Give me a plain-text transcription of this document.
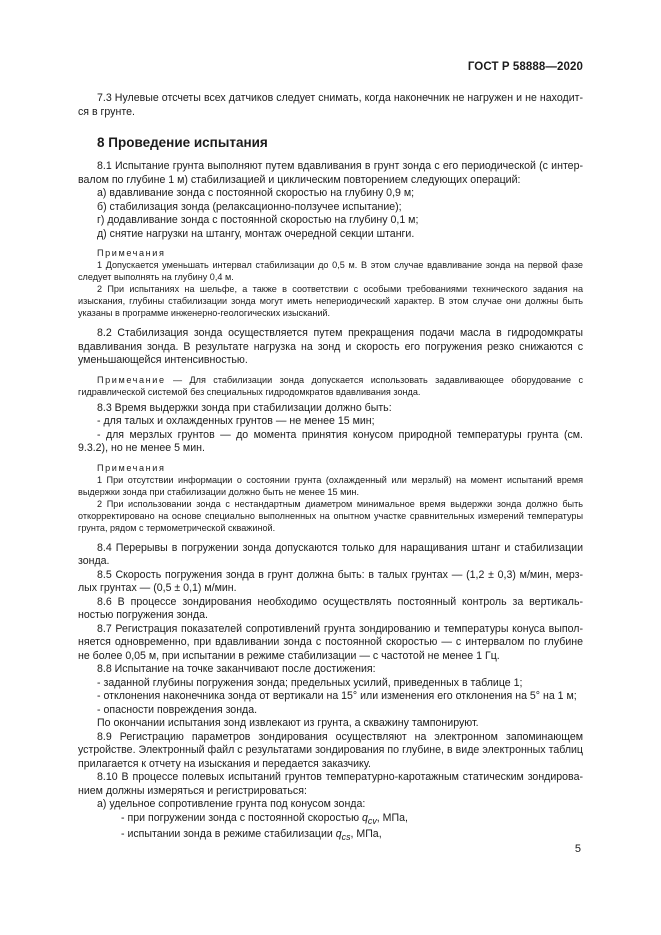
ГОСТ Р 58888—2020

7.3 Нулевые отсчеты всех датчиков следует снимать, когда наконечник не нагружен и не находится в грунте.

8 Проведение испытания

8.1 Испытание грунта выполняют путем вдавливания в грунт зонда с его периодической (с интервалом по глубине 1 м) стабилизацией и циклическим повторением следующих операций:

а) вдавливание зонда с постоянной скоростью на глубину 0,9 м;

б) стабилизация зонда (релаксационно-ползучее испытание);

г) додавливание зонда с постоянной скоростью на глубину 0,1 м;

д) снятие нагрузки на штангу, монтаж очередной секции штанги.

Примечания

1 Допускается уменьшать интервал стабилизации до 0,5 м. В этом случае вдавливание зонда на первой фазе следует выполнять на глубину 0,4 м.

2 При испытаниях на шельфе, а также в соответствии с особыми требованиями технического задания на изыскания, глубины стабилизации зонда могут иметь непериодический характер. В этом случае они должны быть указаны в программе инженерно-геологических изысканий.

8.2 Стабилизация зонда осуществляется путем прекращения подачи масла в гидродомкраты вдавливания зонда. В результате нагрузка на зонд и скорость его погружения резко снижаются с уменьшающейся интенсивностью.

Примечание — Для стабилизации зонда допускается использовать задавливающее оборудование с гидравлической системой без специальных гидродомкратов вдавливания зонда.

8.3 Время выдержки зонда при стабилизации должно быть:

- для талых и охлажденных грунтов — не менее 15 мин;

- для мерзлых грунтов — до момента принятия конусом природной температуры грунта (см. 9.3.2), но не менее 5 мин.

Примечания

1 При отсутствии информации о состоянии грунта (охлажденный или мерзлый) на момент испытаний время выдержки зонда при стабилизации должно быть не менее 15 мин.

2 При использовании зонда с нестандартным диаметром минимальное время выдержки зонда должно быть откорректировано на основе специально выполненных на опытном участке сравнительных измерений температуры грунта, рядом с термометрической скважиной.

8.4 Перерывы в погружении зонда допускаются только для наращивания штанг и стабилизации зонда.

8.5 Скорость погружения зонда в грунт должна быть: в талых грунтах — (1,2 ± 0,3) м/мин, мерзлых грунтах — (0,5 ± 0,1) м/мин.

8.6 В процессе зондирования необходимо осуществлять постоянный контроль за вертикальностью погружения зонда.

8.7 Регистрация показателей сопротивлений грунта зондированию и температуры конуса выполняется одновременно, при вдавливании зонда с постоянной скоростью — с интервалом по глубине не более 0,05 м, при испытании в режиме стабилизации — с частотой не менее 1 Гц.

8.8 Испытание на точке заканчивают после достижения:

- заданной глубины погружения зонда; предельных усилий, приведенных в таблице 1;

- отклонения наконечника зонда от вертикали на 15° или изменения его отклонения на 5° на 1 м;

- опасности повреждения зонда.

По окончании испытания зонд извлекают из грунта, а скважину тампонируют.

8.9 Регистрацию параметров зондирования осуществляют на электронном запоминающем устройстве. Электронный файл с результатами зондирования по глубине, в виде электронных таблиц прилагается к отчету на изыскания и передается заказчику.

8.10 В процессе полевых испытаний грунтов температурно-каротажным статическим зондированием должны измеряться и регистрироваться:

а) удельное сопротивление грунта под конусом зонда:

- при погружении зонда с постоянной скоростью $q_{cv}$, МПа,

- испытании зонда в режиме стабилизации $q_{cs}$, МПа,

5
